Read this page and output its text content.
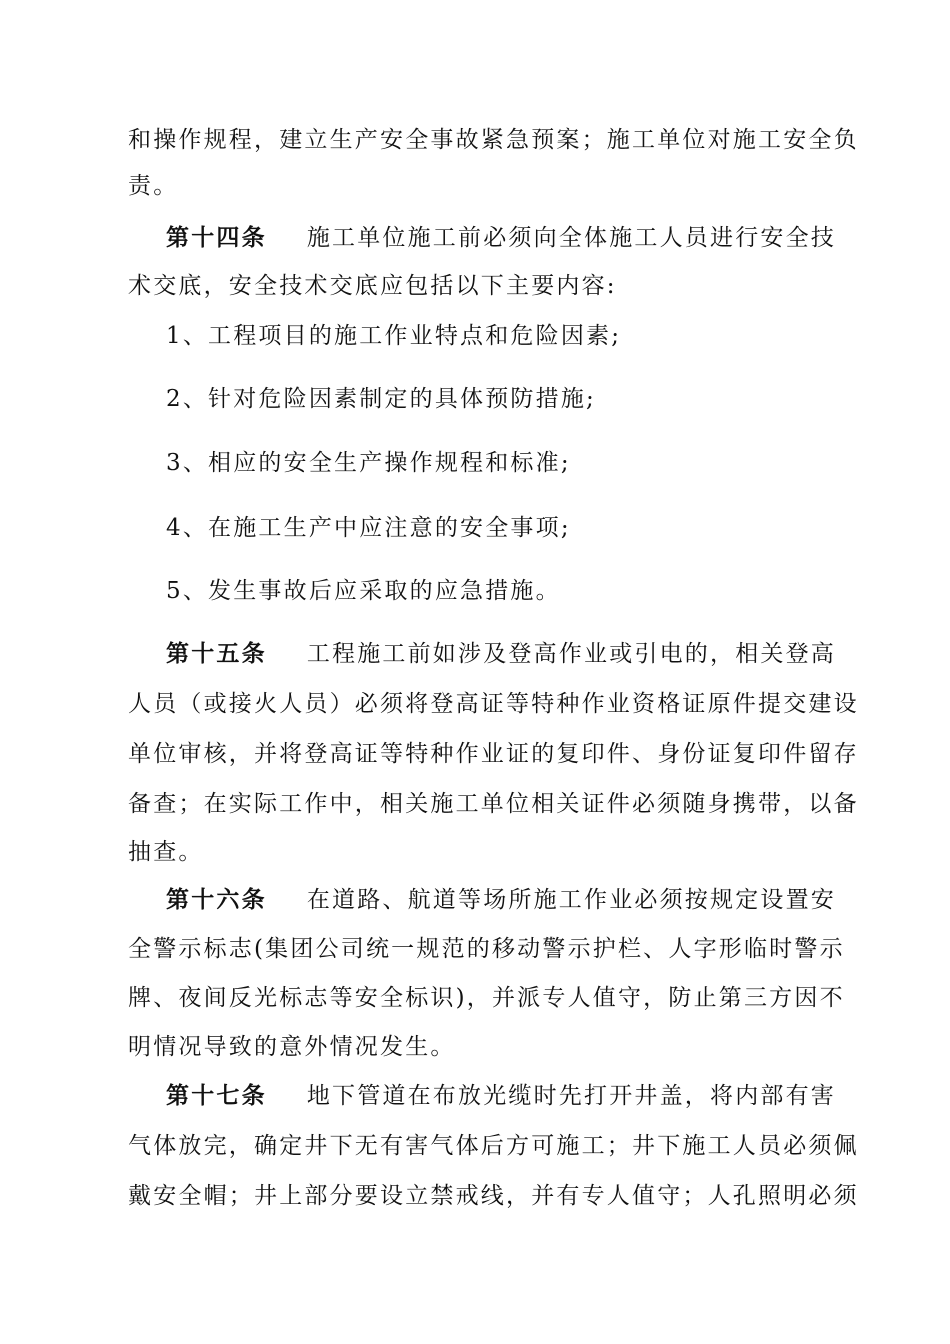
和操作规程，建立生产安全事故紧急预案；施工单位对施工安全负
责。
第十四条 施工单位施工前必须向全体施工人员进行安全技
术交底，安全技术交底应包括以下主要内容:
1、工程项目的施工作业特点和危险因素;
2、针对危险因素制定的具体预防措施;
3、相应的安全生产操作规程和标准;
4、在施工生产中应注意的安全事项;
5、发生事故后应采取的应急措施。
第十五条 工程施工前如涉及登高作业或引电的，相关登高
人员（或接火人员）必须将登高证等特种作业资格证原件提交建设
单位审核，并将登高证等特种作业证的复印件、身份证复印件留存
备查；在实际工作中，相关施工单位相关证件必须随身携带，以备
抽查。
第十六条 在道路、航道等场所施工作业必须按规定设置安
全警示标志(集团公司统一规范的移动警示护栏、人字形临时警示
牌、夜间反光标志等安全标识)，并派专人值守，防止第三方因不
明情况导致的意外情况发生。
第十七条 地下管道在布放光缆时先打开井盖，将内部有害
气体放完，确定井下无有害气体后方可施工；井下施工人员必须佩
戴安全帽；井上部分要设立禁戒线，并有专人值守；人孔照明必须
